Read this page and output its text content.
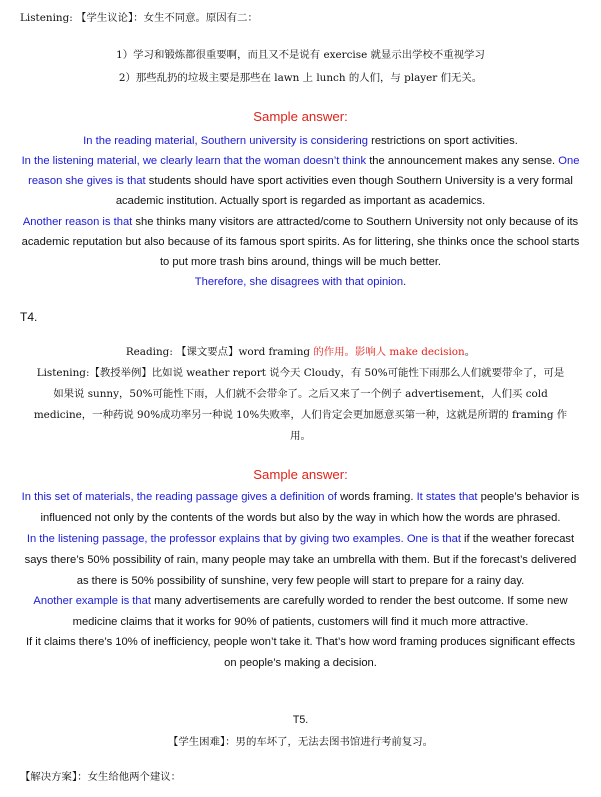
Listening: 【学生议论】：女生不同意。原因有二：
1）学习和锻炼都很重要啊，而且又不是说有 exercise 就显示出学校不重视学习
2）那些乱扔的垃圾主要是那些在 lawn 上 lunch 的人们，与 player 们无关。
Sample answer:
In the reading material, Southern university is considering restrictions on sport activities.
In the listening material, we clearly learn that the woman doesn’t think the announcement makes any sense. One
reason she gives is that students should have sport activities even though Southern University is a very formal
academic institution. Actually sport is regarded as important as academics.
Another reason is that she thinks many visitors are attracted/come to Southern University not only because of its
academic reputation but also because of its famous sport spirits. As for littering, she thinks once the school starts
to put more trash bins around, things will be much better.
Therefore, she disagrees with that opinion.
T4.
Reading: 【课文要点】word framing 的作用。影响人 make decision。
Listening:【教授举例】比如说 weather report 说今天 Cloudy，有 50%可能性下雨那么人们就要带伞了，可是
如果说 sunny，50%可能性下雨，人们就不会带伞了。之后又来了一个例子 advertisement，人们买 cold
medicine，一种药说 90%成功率另一种说 10%失败率，人们肯定会更加愿意买第一种，这就是所谓的 framing 作
用。
Sample answer:
In this set of materials, the reading passage gives a definition of words framing. It states that people’s behavior is
influenced not only by the contents of the words but also by the way in which how the words are phrased.
In the listening passage, the professor explains that by giving two examples. One is that if the weather forecast
says there’s 50% possibility of rain, many people may take an umbrella with them. But if the forecast’s delivered
as there is 50% possibility of sunshine, very few people will start to prepare for a rainy day.
Another example is that many advertisements are carefully worded to render the best outcome. If some new
medicine claims that it works for 90% of patients, customers will find it much more attractive.
If it claims there’s 10% of inefficiency, people won’t take it. That’s how word framing produces significant effects
on people’s making a decision.
T5.
【学生困难】：男的车坏了，无法去图书馆进行考前复习。
【解决方案】：女生给他两个建议：
